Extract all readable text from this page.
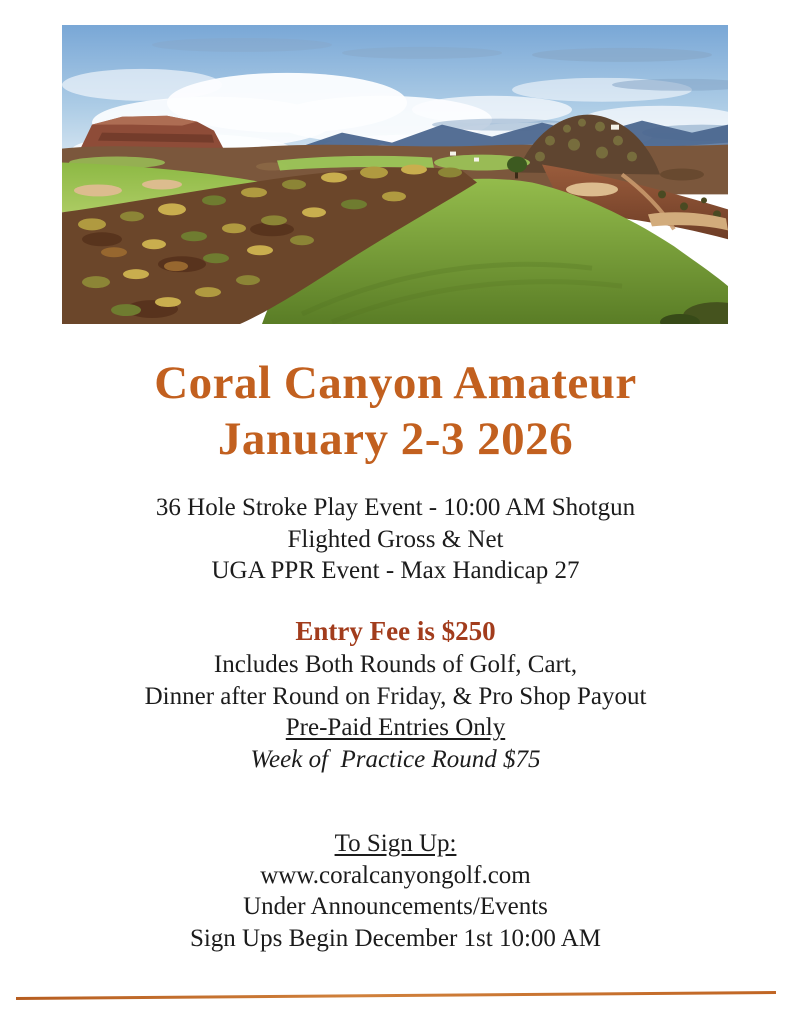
Coral Canyon Amateur
January 2-3 2026
36 Hole Stroke Play Event - 10:00 AM Shotgun
Flighted Gross & Net
UGA PPR Event - Max Handicap 27
Entry Fee is $250
Includes Both Rounds of Golf, Cart,
Dinner after Round on Friday, & Pro Shop Payout
Pre-Paid Entries Only
Week of  Practice Round $75
To Sign Up:
www.coralcanyongolf.com
Under Announcements/Events
Sign Ups Begin December 1st 10:00 AM
